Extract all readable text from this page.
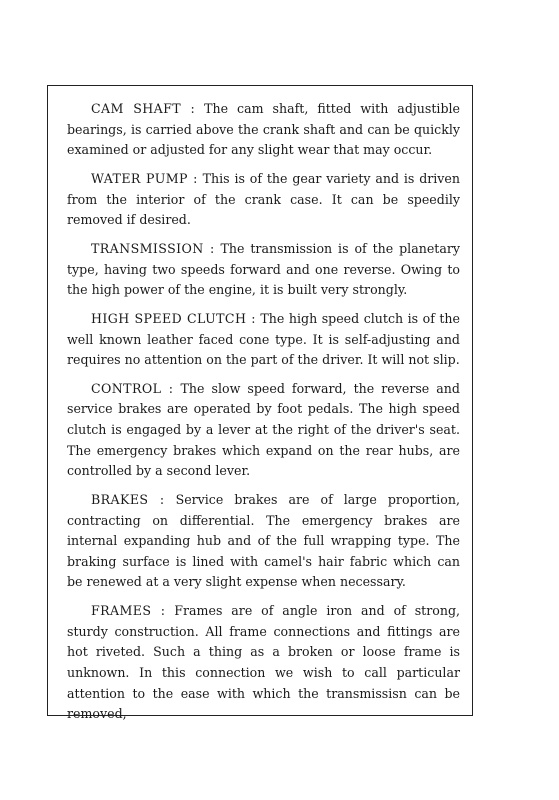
CAM SHAFT : The cam shaft, fitted with adjustible bearings, is carried above the crank shaft and can be quickly examined or adjusted for any slight wear that may occur.

WATER PUMP : This is of the gear variety and is driven from the interior of the crank case. It can be speedily removed if desired.

TRANSMISSION : The transmission is of the planetary type, having two speeds forward and one reverse. Owing to the high power of the engine, it is built very strongly.

HIGH SPEED CLUTCH : The high speed clutch is of the well known leather faced cone type. It is self-adjusting and requires no attention on the part of the driver. It will not slip.

CONTROL : The slow speed forward, the reverse and service brakes are operated by foot pedals. The high speed clutch is engaged by a lever at the right of the driver's seat. The emergency brakes which expand on the rear hubs, are controlled by a second lever.

BRAKES : Service brakes are of large proportion, contracting on differential. The emergency brakes are internal expanding hub and of the full wrapping type. The braking surface is lined with camel's hair fabric which can be renewed at a very slight expense when necessary.

FRAMES : Frames are of angle iron and of strong, sturdy construction. All frame connections and fittings are hot riveted. Such a thing as a broken or loose frame is unknown. In this connection we wish to call particular attention to the ease with which the transmissisn can be removed,
